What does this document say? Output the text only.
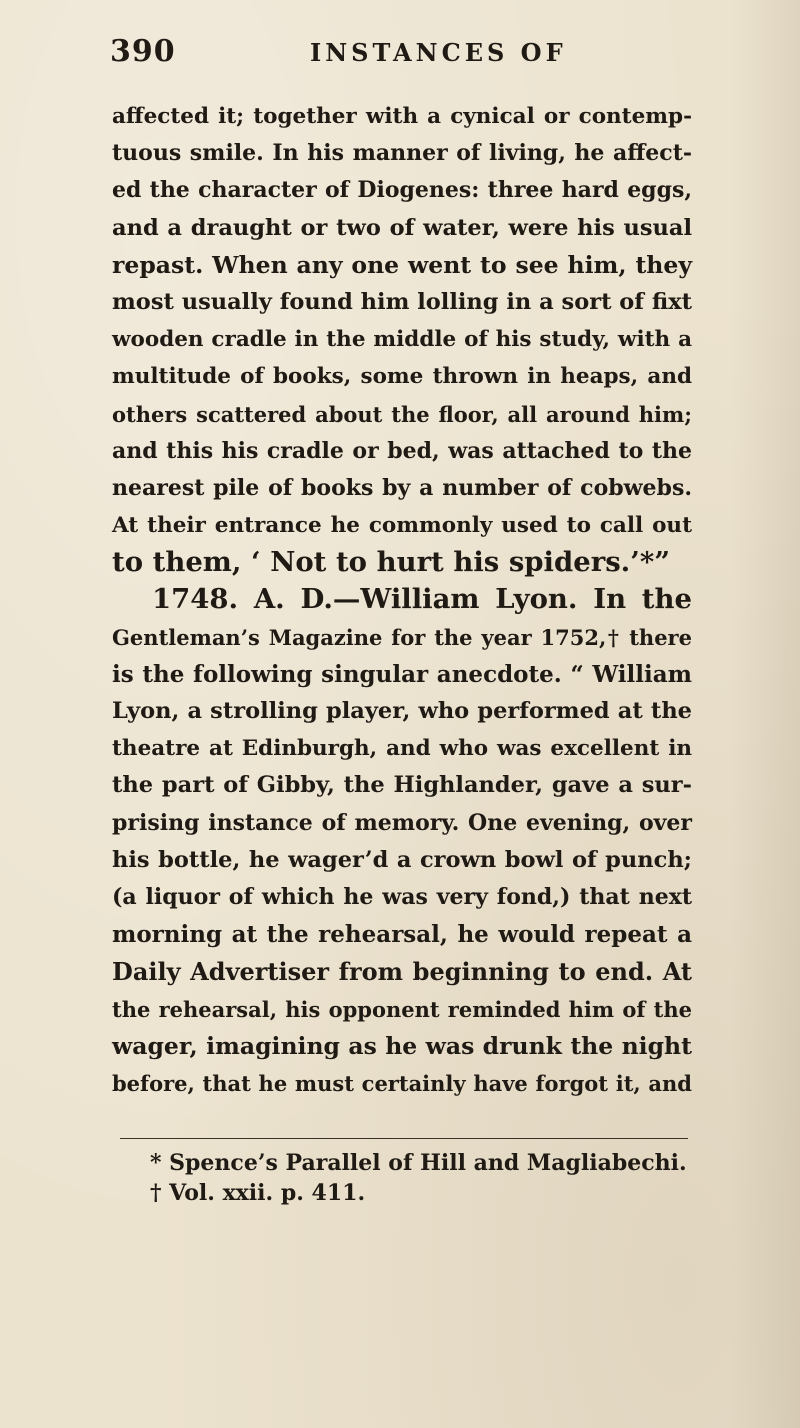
390	INSTANCES OF
affected it; together with a cynical or contemp-
tuous smile. In his manner of living, he affect-
ed the character of Diogenes: three hard eggs,
and a draught or two of water, were his usual
repast. When any one went to see him, they
most usually found him lolling in a sort of fixt
wooden cradle in the middle of his study, with a
multitude of books, some thrown in heaps, and
others scattered about the floor, all around him;
and this his cradle or bed, was attached to the
nearest pile of books by a number of cobwebs.
At their entrance he commonly used to call out
to them, ‘ Not to hurt his spiders.’*”
1748. A. D.—William Lyon. In the
Gentleman’s Magazine for the year 1752,† there
is the following singular anecdote. “ William
Lyon, a strolling player, who performed at the
theatre at Edinburgh, and who was excellent in
the part of Gibby, the Highlander, gave a sur-
prising instance of memory. One evening, over
his bottle, he wager’d a crown bowl of punch;
(a liquor of which he was very fond,) that next
morning at the rehearsal, he would repeat a
Daily Advertiser from beginning to end. At
the rehearsal, his opponent reminded him of the
wager, imagining as he was drunk the night
before, that he must certainly have forgot it, and
* Spence’s Parallel of Hill and Magliabechi.
† Vol. xxii. p. 411.
